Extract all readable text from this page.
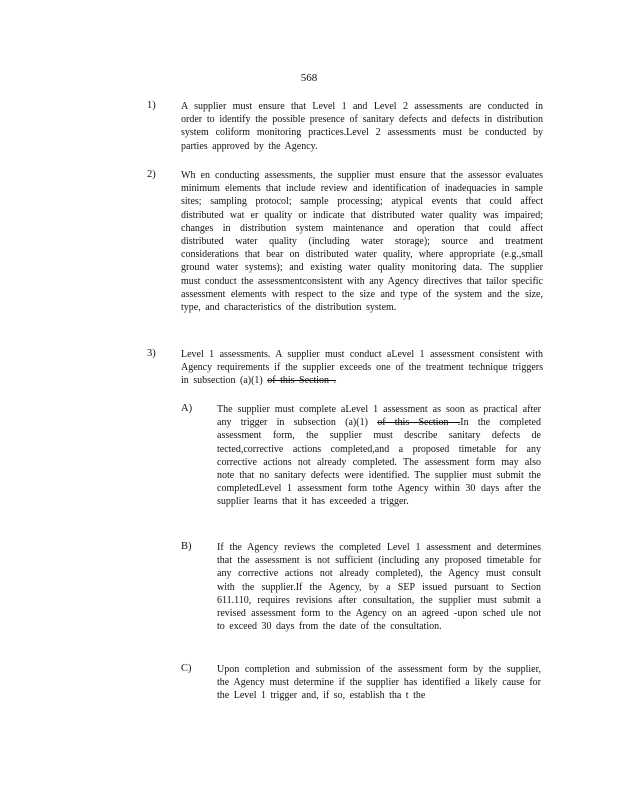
568
1)	A supplier must ensure that Level 1 and Level 2 assessments are conducted in order to identify the possible presence of sanitary defects and defects in distribution system coliform monitoring practices.Level 2 assessments must be conducted by parties approved by the Agency.
2)	Wh en conducting assessments, the supplier must ensure that the assessor evaluates minimum elements that include review and identification of inadequacies in sample sites; sampling protocol; sample processing; atypical events that could affect distributed wat er quality or indicate that distributed water quality was impaired; changes in distribution system maintenance and operation that could affect distributed water quality (including water storage); source and treatment considerations that bear on distributed water quality, where appropriate (e.g.,small ground water systems); and existing water quality monitoring data. The supplier must conduct the assessmentconsistent with any Agency directives that tailor specific assessment elements with respect to the size and type of the system and the size, type, and characteristics of the distribution system.
3)	Level 1 assessments. A supplier must conduct aLevel 1 assessment consistent with Agency requirements if the supplier exceeds one of the treatment technique triggers in subsection (a)(1) of this Section .
A) The supplier must complete aLevel 1 assessment as soon as practical after any trigger in subsection (a)(1) of this Section .In the completed assessment form, the supplier must describe sanitary defects de tected,corrective actions completed,and a proposed timetable for any corrective actions not already completed. The assessment form may also note that no sanitary defects were identified. The supplier must submit the completedLevel 1 assessment form tothe Agency within 30 days after the supplier learns that it has exceeded a trigger.
B)	If the Agency reviews the completed Level 1 assessment and determines that the assessment is not sufficient (including any proposed timetable for any corrective actions not already completed), the Agency must consult with the supplier.If the Agency, by a SEP issued pursuant to Section 611.110, requires revisions after consultation, the supplier must submit a revised assessment form to the Agency on an agreed -upon sched ule not to exceed 30 days from the date of the consultation.
C)	Upon completion and submission of the assessment form by the supplier, the Agency must determine if the supplier has identified a likely cause for the Level 1 trigger and, if so, establish tha t the
